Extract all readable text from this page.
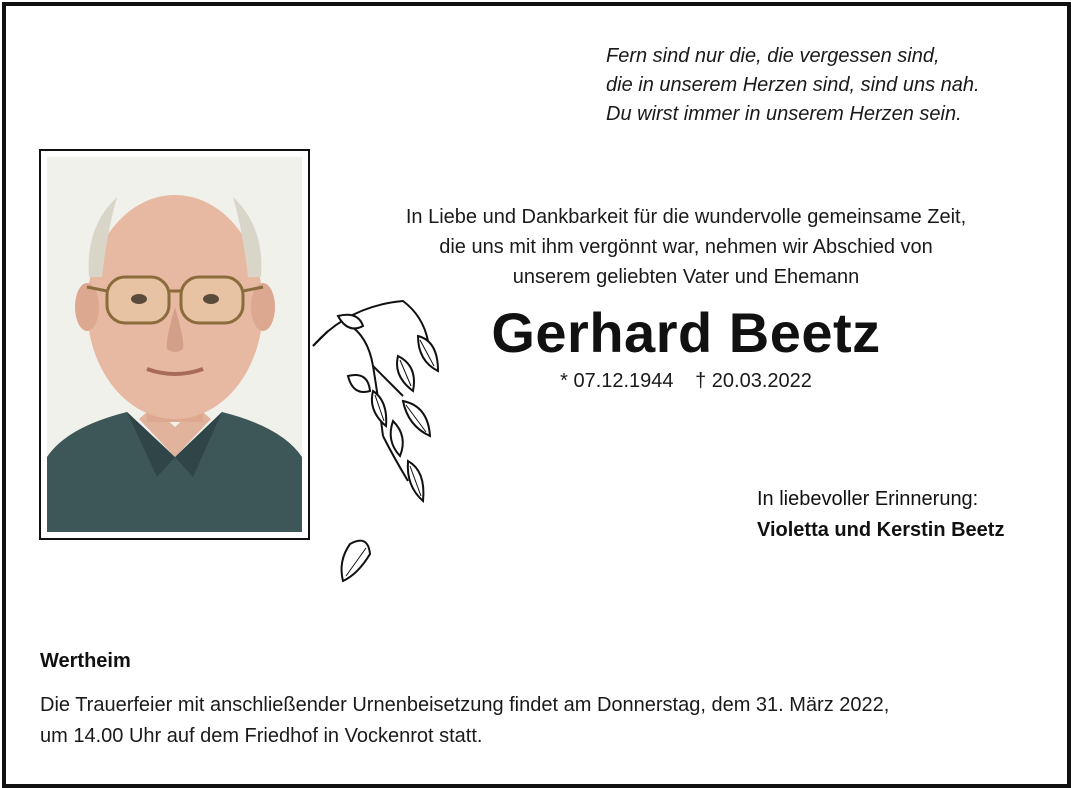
Fern sind nur die, die vergessen sind,
die in unserem Herzen sind, sind uns nah.
Du wirst immer in unserem Herzen sein.
In Liebe und Dankbarkeit für die wundervolle gemeinsame Zeit,
die uns mit ihm vergönnt war, nehmen wir Abschied von
unserem geliebten Vater und Ehemann
Gerhard Beetz
* 07.12.1944 † 20.03.2022
In liebevoller Erinnerung:
Violetta und Kerstin Beetz
Wertheim
Die Trauerfeier mit anschließender Urnenbeisetzung findet am Donnerstag, dem 31. März 2022,
um 14.00 Uhr auf dem Friedhof in Vockenrot statt.
